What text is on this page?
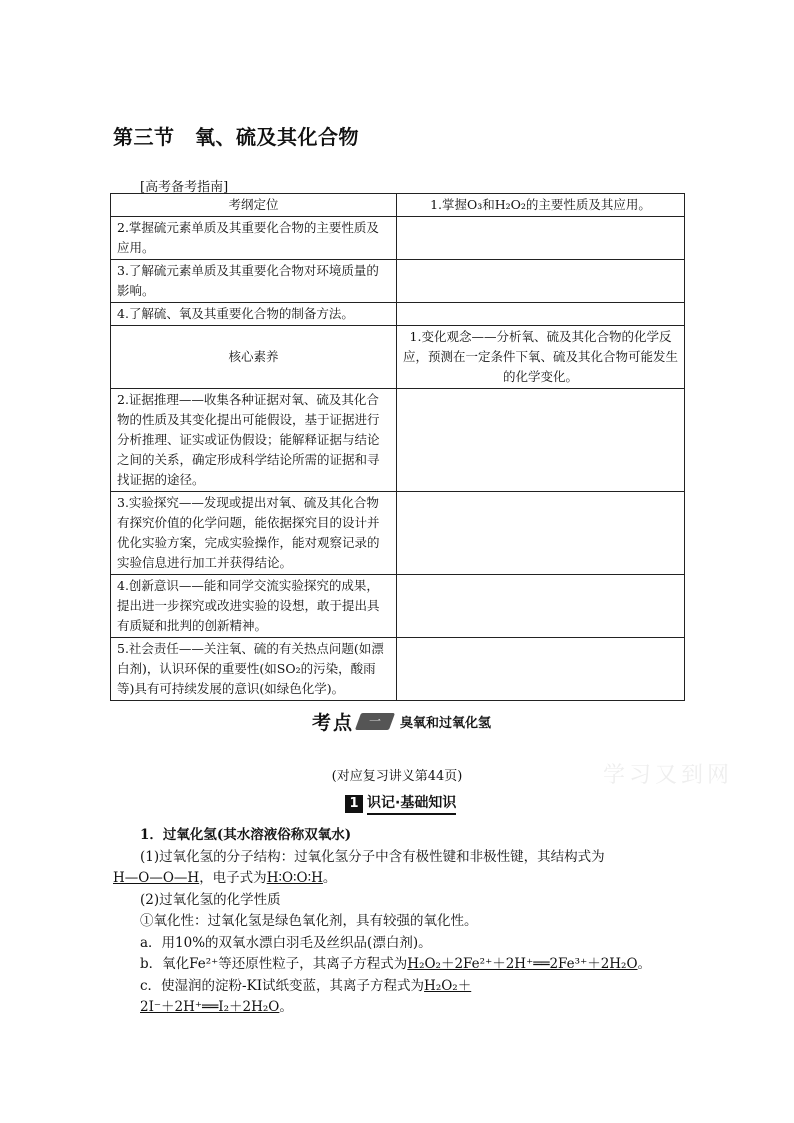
第三节　氧、硫及其化合物
[高考备考指南]
考纲定位	1.掌握O₃和H₂O₂的主要性质及其应用。
2.掌握硫元素单质及其重要化合物的主要性质及应用。	
3.了解硫元素单质及其重要化合物对环境质量的影响。	
4.了解硫、氧及其重要化合物的制备方法。	
核心素养	1.变化观念——分析氧、硫及其化合物的化学反应，预测在一定条件下氧、硫及其化合物可能发生的化学变化。
2.证据推理——收集各种证据对氧、硫及其化合物的性质及其变化提出可能假设，基于证据进行分析推理、证实或证伪假设；能解释证据与结论之间的关系，确定形成科学结论所需的证据和寻找证据的途径。	
3.实验探究——发现或提出对氧、硫及其化合物有探究价值的化学问题，能依据探究目的设计并优化实验方案，完成实验操作，能对观察记录的实验信息进行加工并获得结论。	
4.创新意识——能和同学交流实验探究的成果，提出进一步探究或改进实验的设想，敢于提出具有质疑和批判的创新精神。	
5.社会责任——关注氧、硫的有关热点问题(如漂白剂)，认识环保的重要性(如SO₂的污染，酸雨等)具有可持续发展的意识(如绿色化学)。	
考点	一	臭氧和过氧化氢
学习又到网
(对应复习讲义第44页)
1 识记·基础知识

1．过氧化氢(其水溶液俗称双氧水)

(1)过氧化氢的分子结构：过氧化氢分子中含有极性键和非极性键，其结构式为

H—O—O—H，电子式为H∶O∶O∶H。

(2)过氧化氢的化学性质

①氧化性：过氧化氢是绿色氧化剂，具有较强的氧化性。

a．用10%的双氧水漂白羽毛及丝织品(漂白剂)。

b．氧化Fe²⁺等还原性粒子，其离子方程式为H₂O₂＋2Fe²⁺＋2H⁺══2Fe³⁺＋2H₂O。

c．使湿润的淀粉-KI试纸变蓝，其离子方程式为H₂O₂＋

2I⁻＋2H⁺══I₂＋2H₂O。
